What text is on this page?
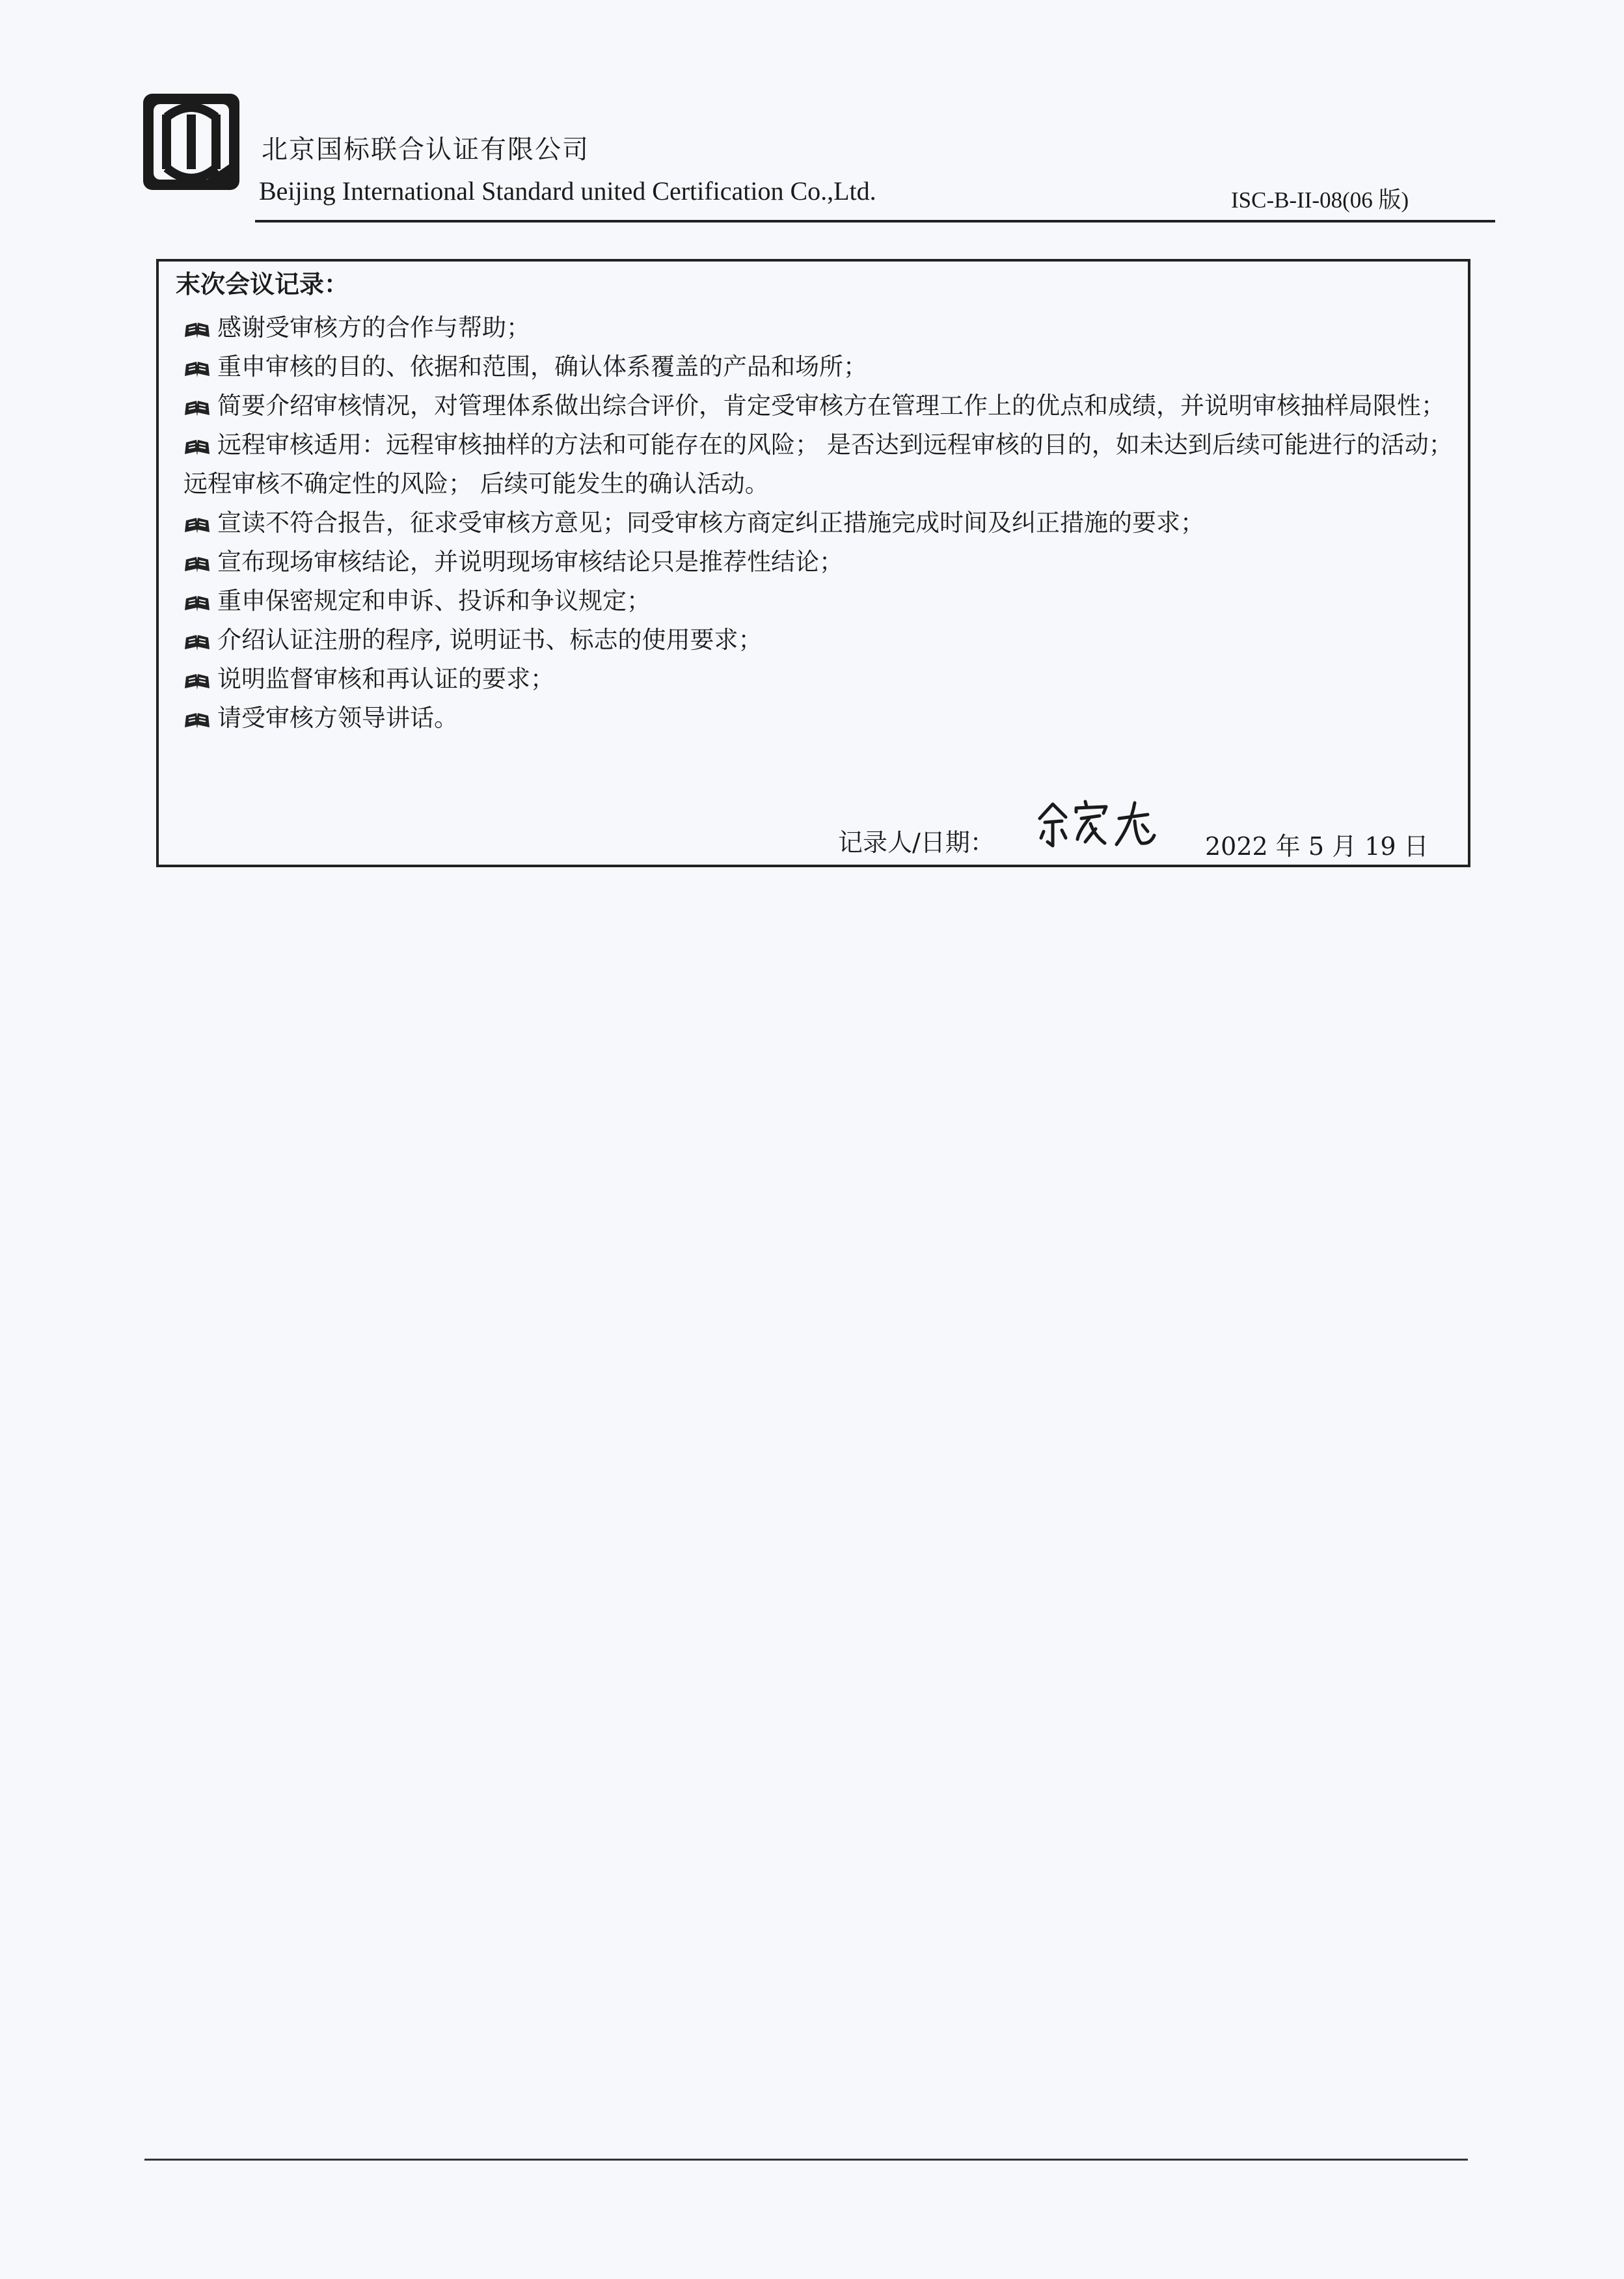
北京国标联合认证有限公司
Beijing International Standard united Certification Co.,Ltd.	ISC-B-II-08(06 版)
末次会议记录：
感谢受审核方的合作与帮助；
重申审核的目的、依据和范围，确认体系覆盖的产品和场所；
简要介绍审核情况，对管理体系做出综合评价，肯定受审核方在管理工作上的优点和成绩，并说明审核抽样局限性；
远程审核适用：远程审核抽样的方法和可能存在的风险； 是否达到远程审核的目的，如未达到后续可能进行的活动； 远程审核不确定性的风险； 后续可能发生的确认活动。
宣读不符合报告，征求受审核方意见；同受审核方商定纠正措施完成时间及纠正措施的要求；
宣布现场审核结论，并说明现场审核结论只是推荐性结论；
重申保密规定和申诉、投诉和争议规定；
介绍认证注册的程序, 说明证书、标志的使用要求；
说明监督审核和再认证的要求；
请受审核方领导讲话。
记录人/日期：	2022 年 5 月 19 日
